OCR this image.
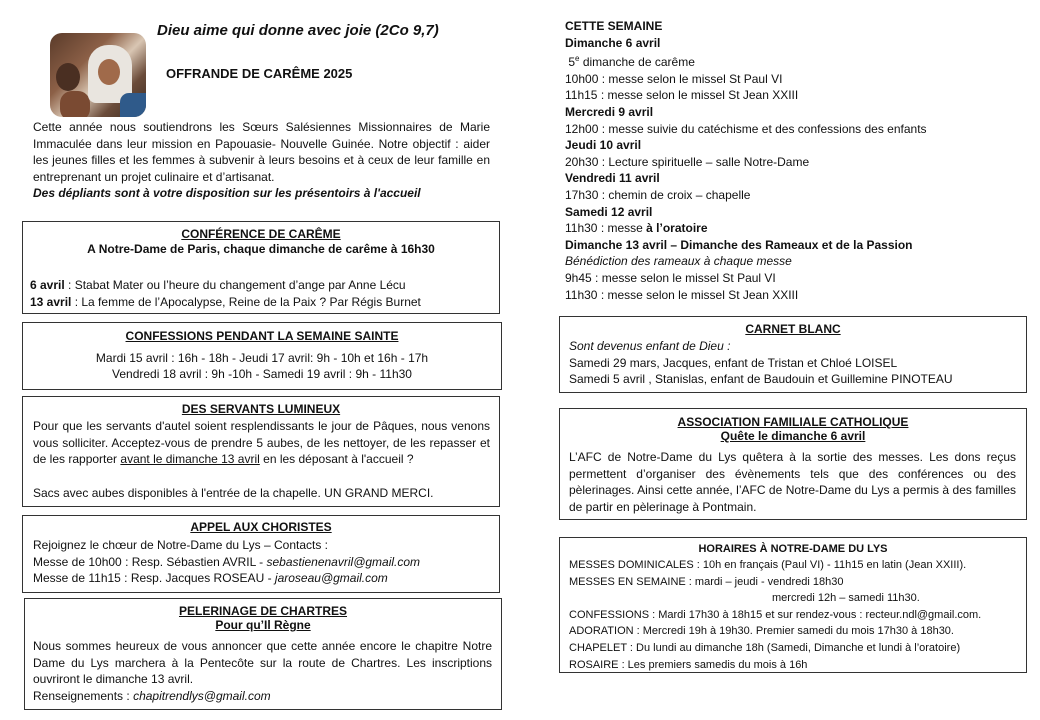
Dieu aime qui donne avec joie (2Co 9,7)
OFFRANDE DE CARÊME 2025
Cette année nous soutiendrons les Sœurs Salésiennes Missionnaires de Marie Immaculée dans leur mission en Papouasie- Nouvelle Guinée. Notre objectif : aider les jeunes filles et les femmes à subvenir à leurs besoins et à ceux de leur famille en entreprenant un projet culinaire et d’artisanat.
Des dépliants sont à votre disposition sur les présentoirs à l'accueil
CONFÉRENCE DE CARÊME
A Notre-Dame de Paris, chaque dimanche de carême à 16h30
6 avril : Stabat Mater ou l’heure du changement d’ange par Anne Lécu
13 avril : La femme de l’Apocalypse, Reine de la Paix ? Par Régis Burnet
CONFESSIONS PENDANT LA SEMAINE SAINTE
Mardi 15 avril : 16h - 18h - Jeudi 17 avril: 9h - 10h et 16h - 17h
Vendredi 18 avril : 9h -10h - Samedi 19 avril : 9h - 11h30
DES SERVANTS LUMINEUX
Pour que les servants d'autel soient resplendissants le jour de Pâques, nous venons vous solliciter. Acceptez-vous de prendre 5 aubes, de les nettoyer, de les repasser et de les rapporter avant le dimanche 13 avril en les déposant à l'accueil ?
Sacs avec aubes disponibles à l'entrée de la chapelle. UN GRAND MERCI.
APPEL AUX CHORISTES
Rejoignez le chœur de Notre-Dame du Lys – Contacts :
Messe de 10h00 : Resp. Sébastien AVRIL - sebastienenavril@gmail.com
Messe de 11h15 : Resp. Jacques ROSEAU - jaroseau@gmail.com
PELERINAGE DE CHARTRES
Pour qu’Il Règne
Nous sommes heureux de vous annoncer que cette année encore le chapitre Notre Dame du Lys marchera à la Pentecôte sur la route de Chartres. Les inscriptions ouvriront le dimanche 13 avril.
Renseignements : chapitrendlys@gmail.com
CETTE SEMAINE
Dimanche 6 avril
5e dimanche de carême
10h00 : messe selon le missel St Paul VI
11h15 : messe selon le missel St Jean XXIII
Mercredi 9 avril
12h00 : messe suivie du catéchisme et des confessions des enfants
Jeudi 10 avril
20h30 : Lecture spirituelle – salle Notre-Dame
Vendredi 11 avril
17h30 : chemin de croix – chapelle
Samedi 12 avril
11h30 : messe à l’oratoire
Dimanche 13 avril – Dimanche des Rameaux et de la Passion
Bénédiction des rameaux à chaque messe
9h45 : messe selon le missel St Paul VI
11h30 : messe selon le missel St Jean XXIII
CARNET BLANC
Sont devenus enfant de Dieu :
Samedi 29 mars, Jacques, enfant de Tristan et Chloé LOISEL
Samedi 5 avril , Stanislas, enfant de Baudouin et Guillemine PINOTEAU
ASSOCIATION FAMILIALE CATHOLIQUE
Quête le dimanche 6 avril
L’AFC de Notre-Dame du Lys quêtera à la sortie des messes. Les dons reçus permettent d’organiser des évènements tels que des conférences ou des pèlerinages. Ainsi cette année, l’AFC de Notre-Dame du Lys a permis à des familles de partir en pèlerinage à Pontmain.
HORAIRES À NOTRE-DAME DU LYS
MESSES DOMINICALES : 10h en français (Paul VI) - 11h15 en latin (Jean XXIII).
MESSES EN SEMAINE : mardi – jeudi - vendredi 18h30
mercredi 12h – samedi 11h30.
CONFESSIONS : Mardi 17h30 à 18h15 et sur rendez-vous : recteur.ndl@gmail.com.
ADORATION : Mercredi 19h à 19h30. Premier samedi du mois 17h30 à 18h30.
CHAPELET : Du lundi au dimanche 18h (Samedi, Dimanche et lundi à l’oratoire)
ROSAIRE : Les premiers samedis du mois à 16h
